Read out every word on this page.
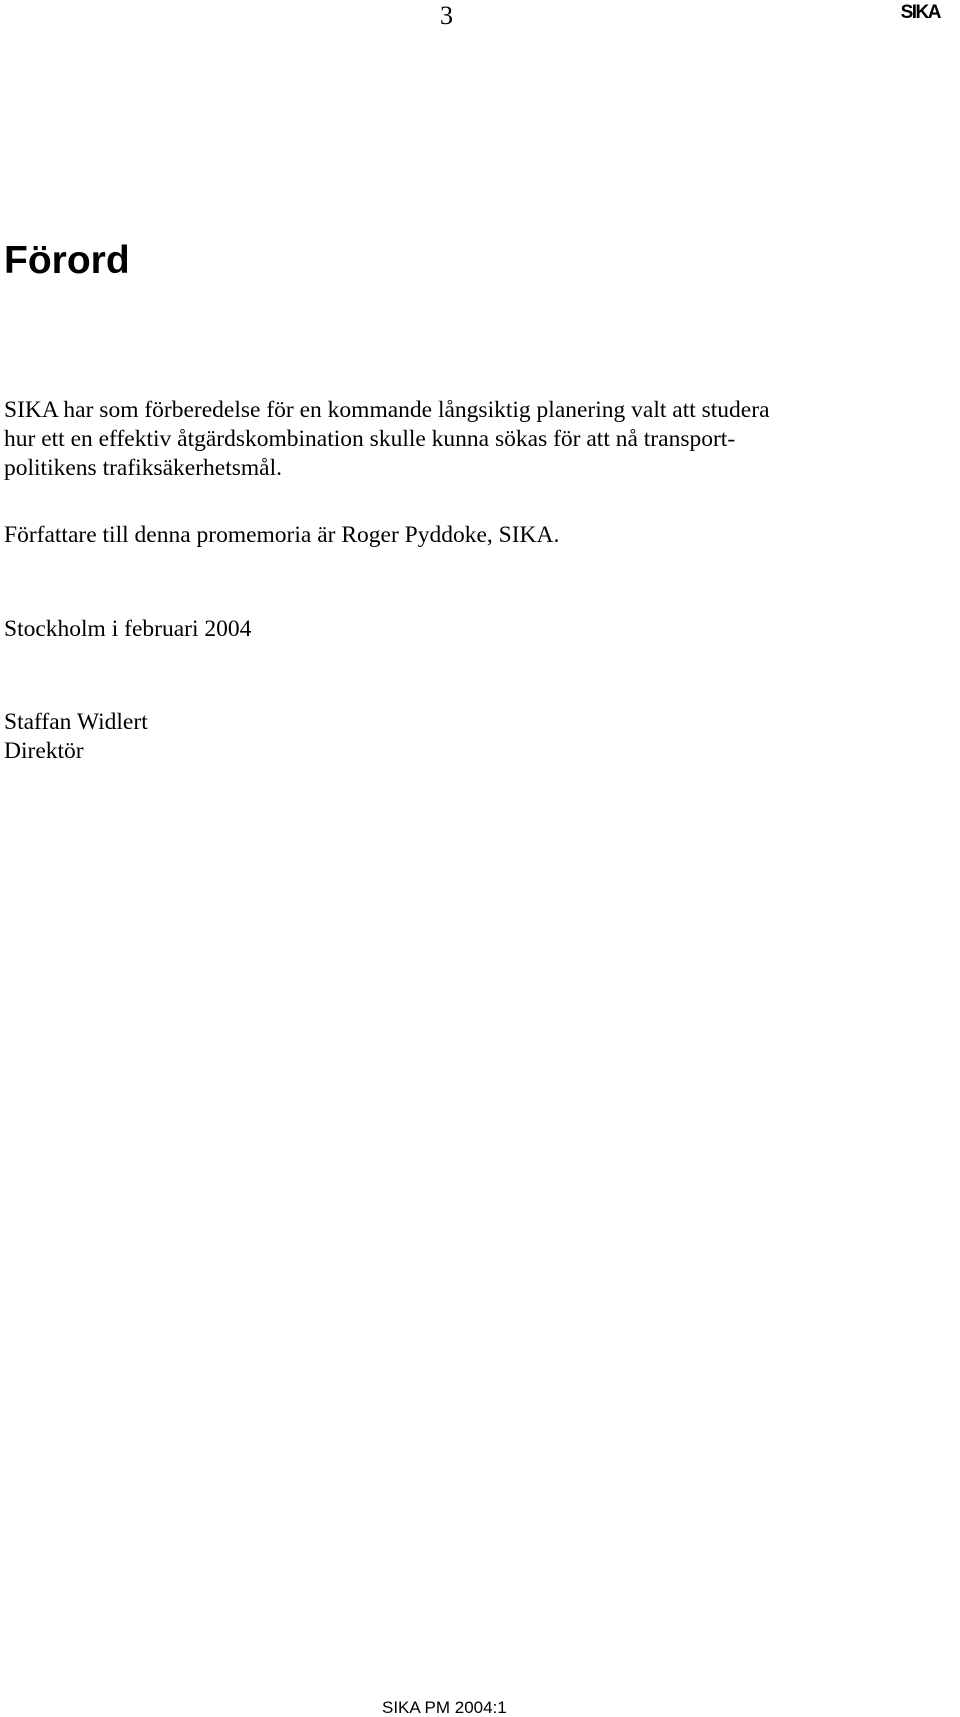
3	SIKA
Förord
SIKA har som förberedelse för en kommande långsiktig planering valt att studera
hur ett en effektiv åtgärdskombination skulle kunna sökas för att nå transport-
politikens trafiksäkerhetsmål.
Författare till denna promemoria är Roger Pyddoke, SIKA.
Stockholm i februari 2004
Staffan Widlert
Direktör
SIKA PM 2004:1
